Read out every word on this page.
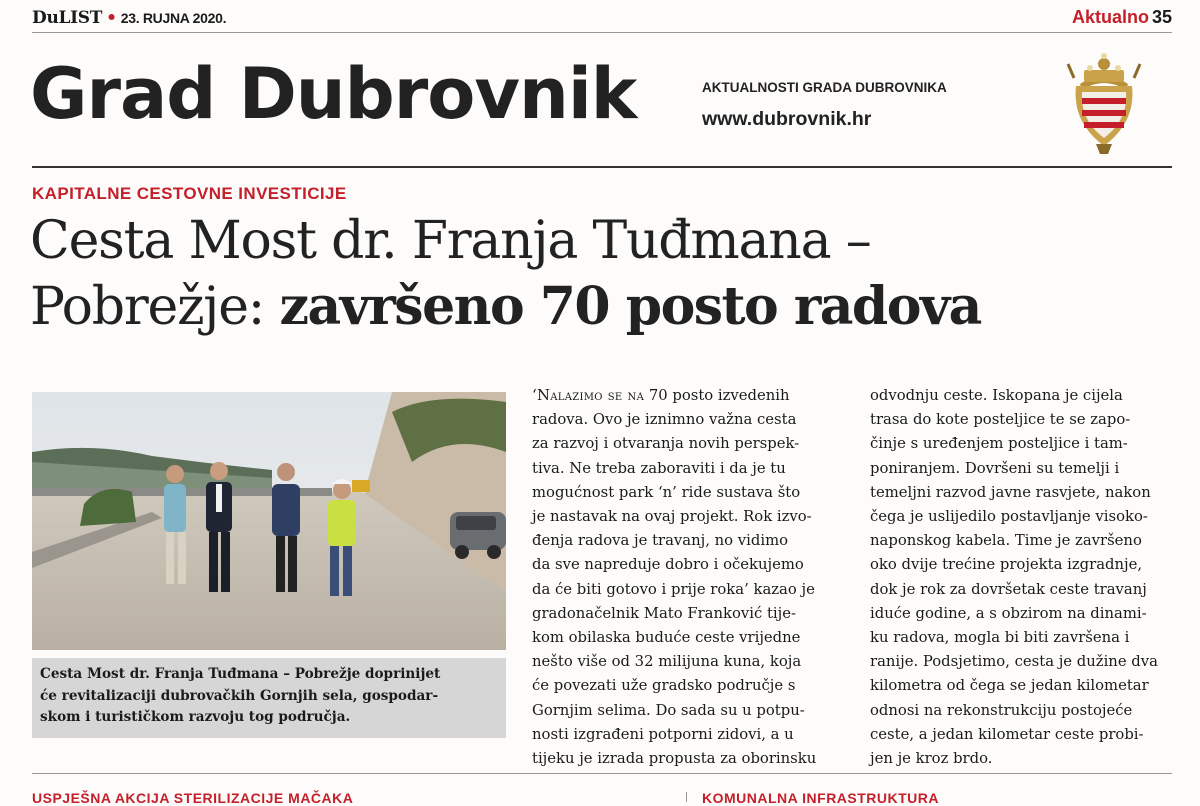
DuLIST • 23. RUJNA 2020.	Aktualno 35
Grad Dubrovnik	AKTUALNOSTI GRADA DUBROVNIKA
www.dubrovnik.hr
KAPITALNE CESTOVNE INVESTICIJE
Cesta Most dr. Franja Tuđmana –
Pobrežje: završeno 70 posto radova
Cesta Most dr. Franja Tuđmana – Pobrežje doprinijet
će revitalizaciji dubrovačkih Gornjih sela, gospodar-
skom i turističkom razvoju tog područja.
‘Nalazimo se na 70 posto izvedenih
radova. Ovo je iznimno važna cesta
za razvoj i otvaranja novih perspek-
tiva. Ne treba zaboraviti i da je tu
mogućnost park ‘n’ ride sustava što
je nastavak na ovaj projekt. Rok izvo-
đenja radova je travanj, no vidimo
da sve napreduje dobro i očekujemo
da će biti gotovo i prije roka’ kazao je
gradonačelnik Mato Franković tije-
kom obilaska buduće ceste vrijedne
nešto više od 32 milijuna kuna, koja
će povezati uže gradsko područje s
Gornjim selima. Do sada su u potpu-
nosti izgrađeni potporni zidovi, a u
tijeku je izrada propusta za oborinsku
odvodnju ceste. Iskopana je cijela
trasa do kote posteljice te se zapo-
činje s uređenjem posteljice i tam-
poniranjem. Dovršeni su temelji i
temeljni razvod javne rasvjete, nakon
čega je uslijedilo postavljanje visoko-
naponskog kabela. Time je završeno
oko dvije trećine projekta izgradnje,
dok je rok za dovršetak ceste travanj
iduće godine, a s obzirom na dinami-
ku radova, mogla bi biti završena i
ranije. Podsjetimo, cesta je dužine dva
kilometra od čega se jedan kilometar
odnosi na rekonstrukciju postojeće
ceste, a jedan kilometar ceste probi-
jen je kroz brdo.
USPJEŠNA AKCIJA STERILIZACIJE MAČAKA	KOMUNALNA INFRASTRUKTURA
